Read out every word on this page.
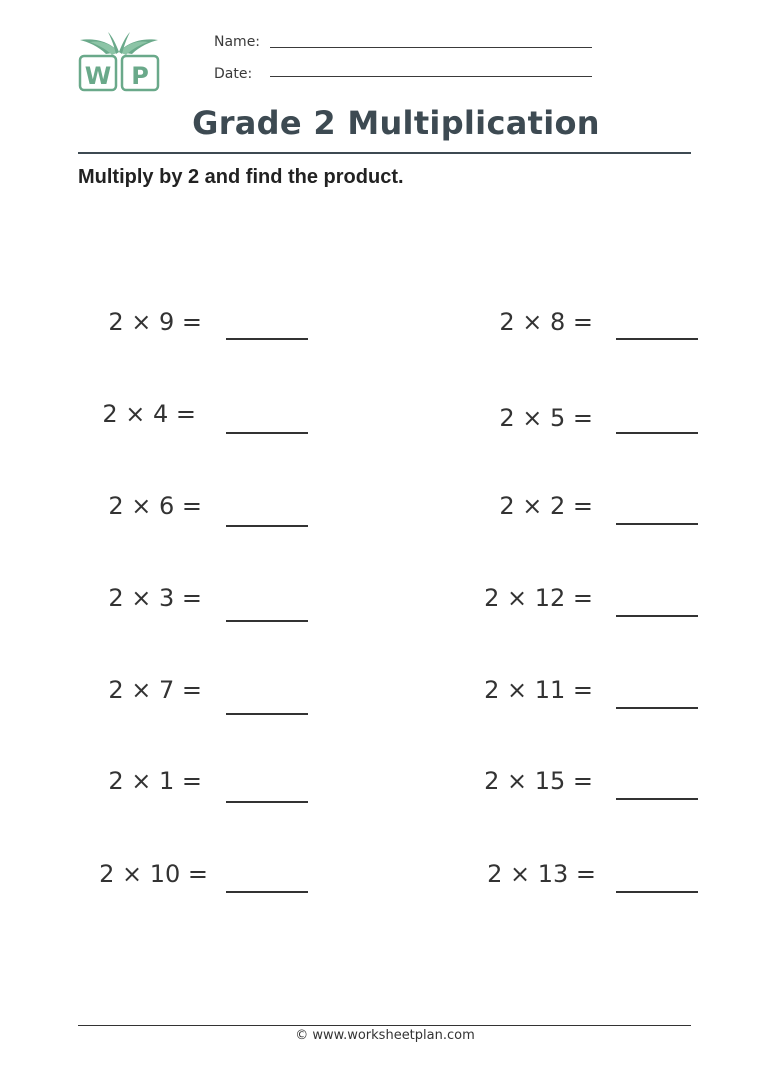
W P
Name:
Date:
Grade 2 Multiplication
Multiply by 2 and find the product.
2 × 9 =
2 × 4 =
2 × 6 =
2 × 3 =
2 × 7 =
2 × 1 =
2 × 10 =
2 × 8 =
2 × 5 =
2 × 2 =
2 × 12 =
2 × 11 =
2 × 15 =
2 × 13 =
© www.worksheetplan.com
